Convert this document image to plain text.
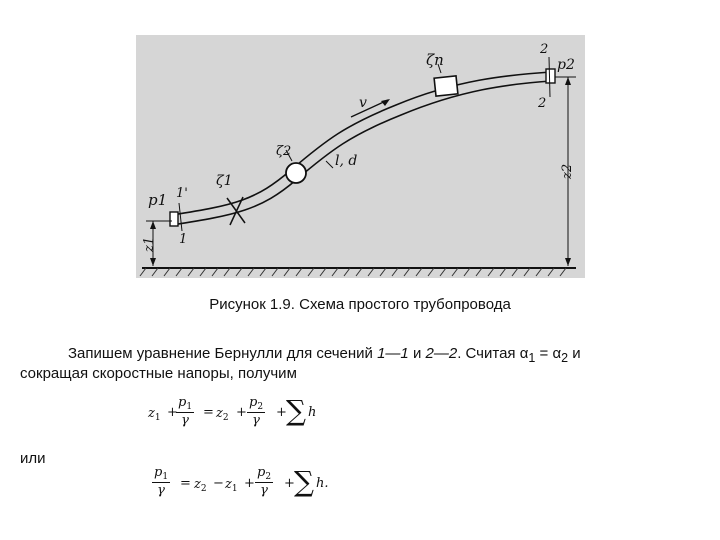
ζn
ζ2
ζ1
v
l, d
p1
p2
1'
1
2
2
z1
z2
Рисунок 1.9. Схема простого трубопровода
Запишем уравнение Бернулли для сечений 1—1 и 2—2. Считая $\alpha_1 = \alpha_2$ и
сокращая скоростные напоры, получим
$z_1$ +
$\frac{p_1}{\gamma} = z_2 + \frac{p_2}{\gamma}$ + ∑ h
или
$\frac{p_1}{\gamma} = z_2 - z_1 + \frac{p_2}{\gamma}$ + ∑ h.
